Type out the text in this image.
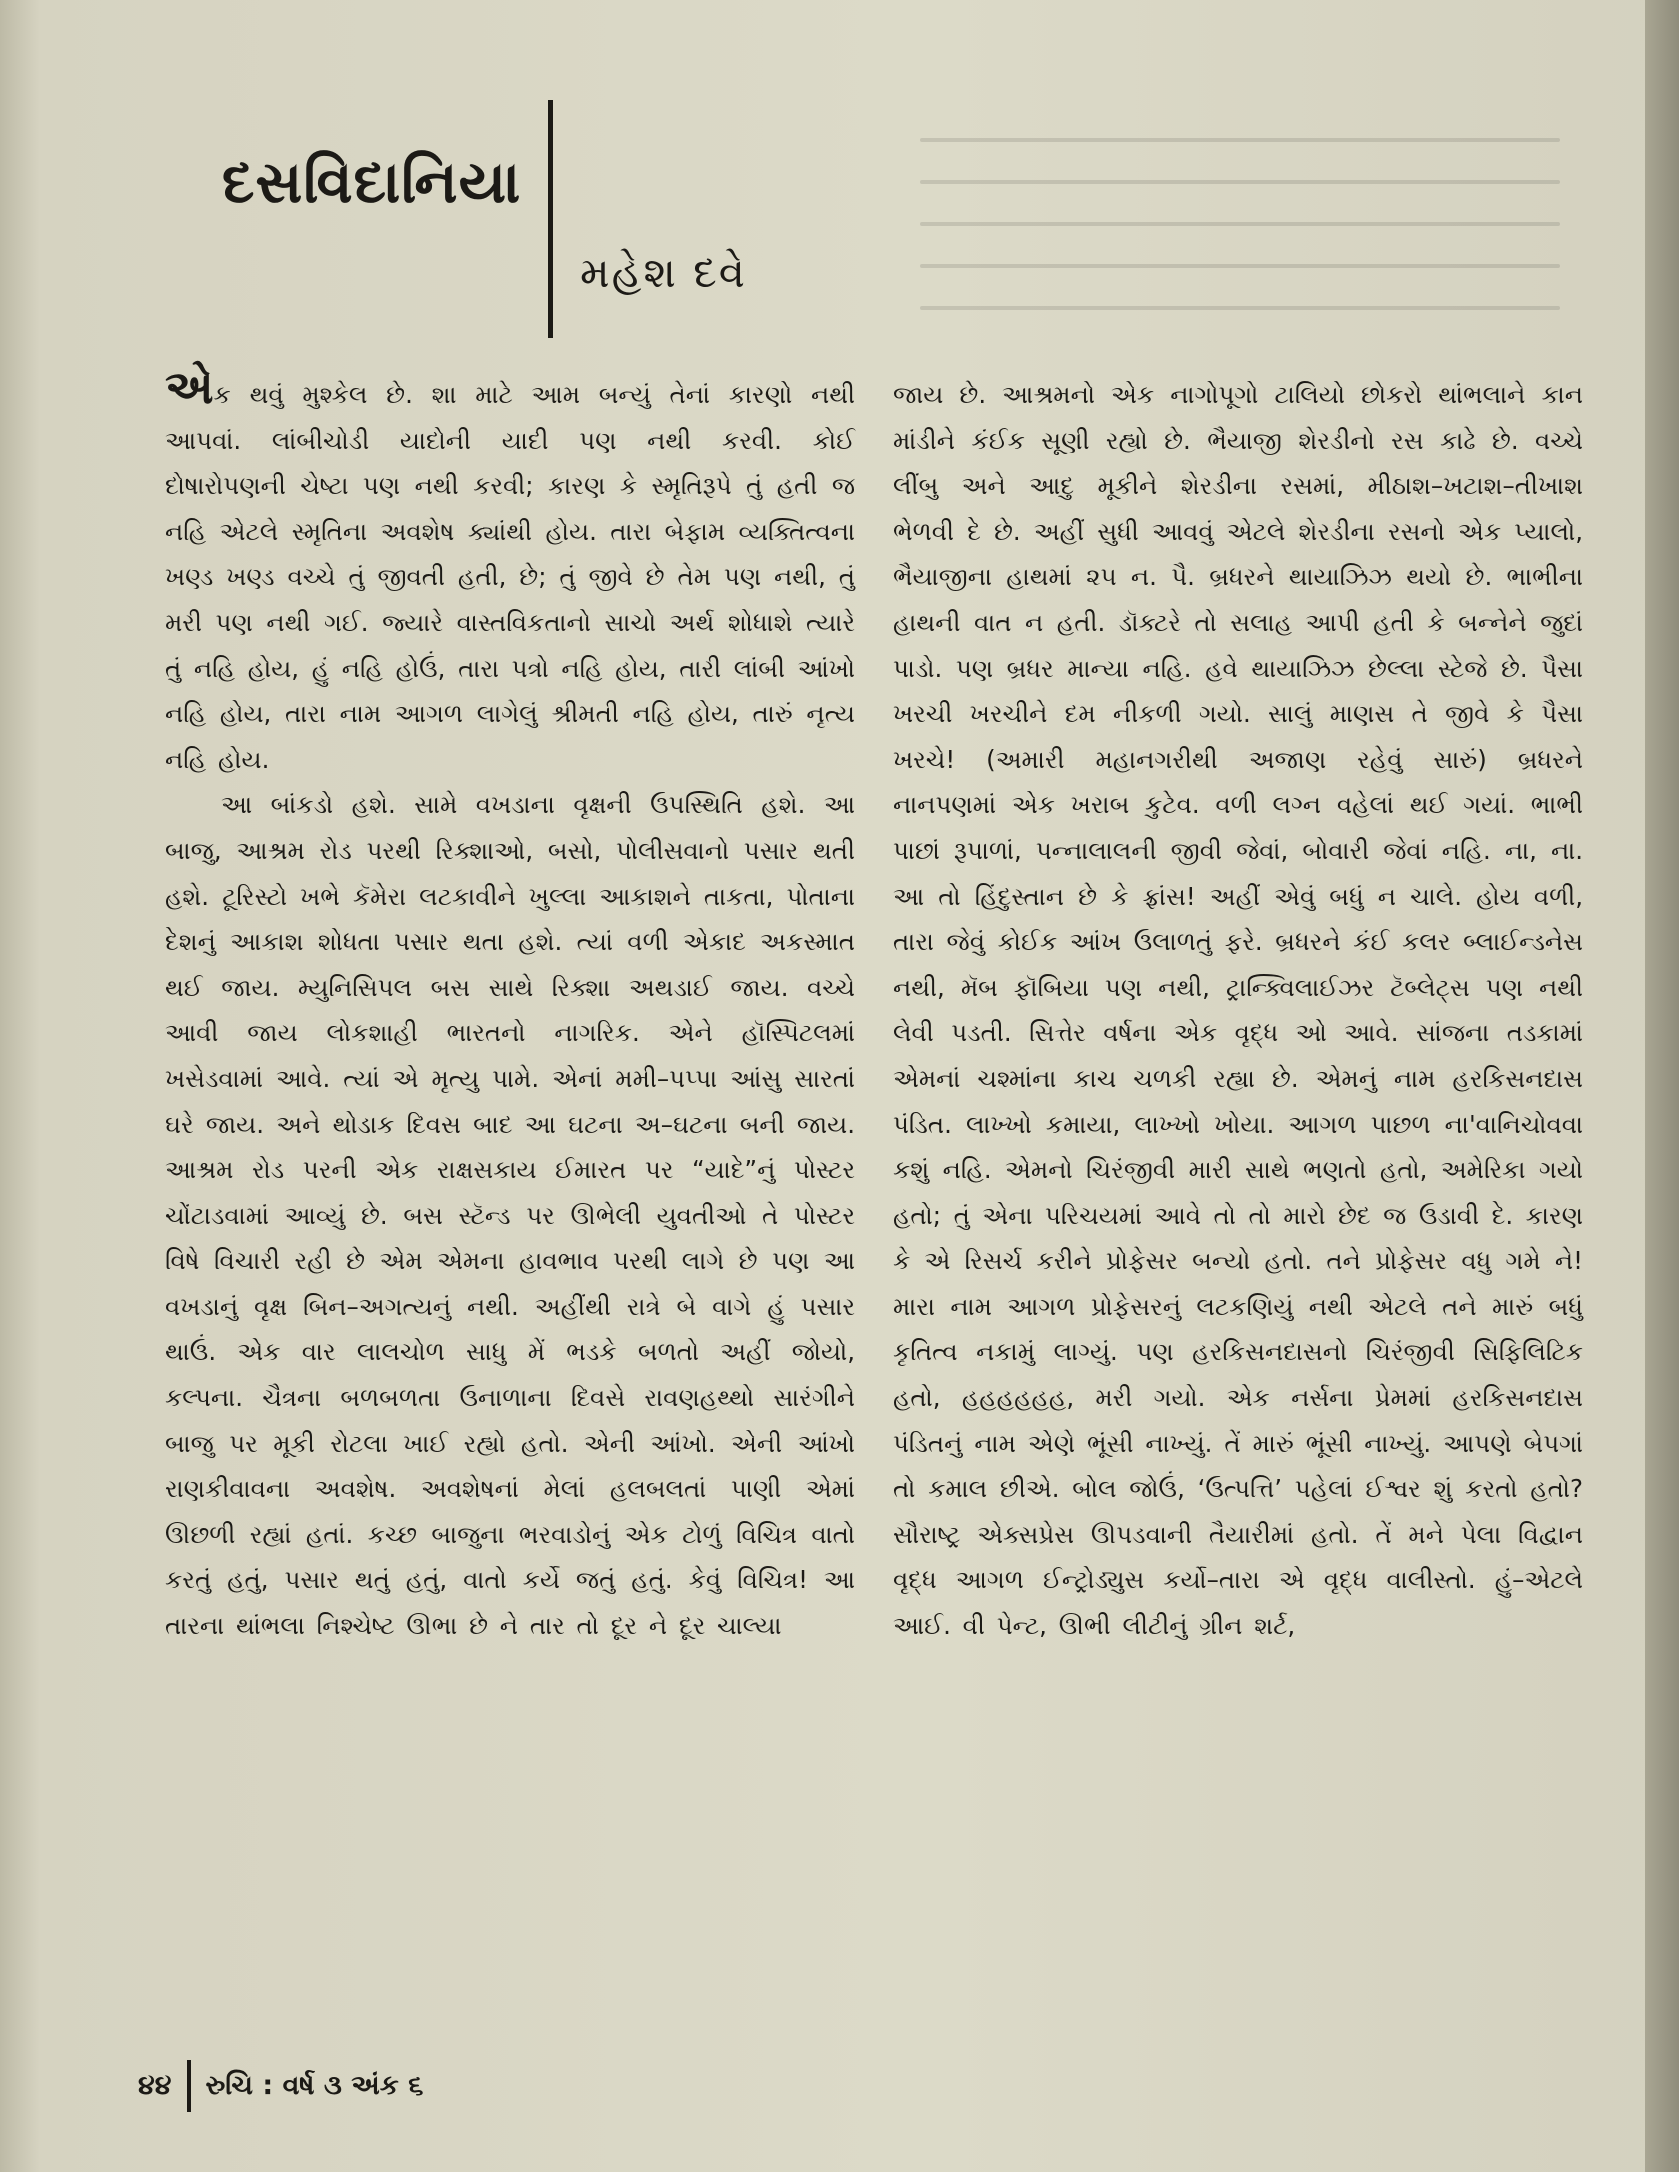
દસવિદાનિયા
મહેશ દવે

એક થવું મુશ્કેલ છે. શા માટે આમ બન્યું તેનાં કારણો નથી આપવાં. લાંબીચોડી યાદોની યાદી પણ નથી કરવી. કોઈ દોષારોપણની ચેષ્ટા પણ નથી કરવી; કારણ કે સ્મૃતિરૂપે તું હતી જ નહિ એટલે સ્મૃતિના અવશેષ ક્યાંથી હોય. તારા બેફામ વ્યક્તિત્વના ખણ્ડ ખણ્ડ વચ્ચે તું જીવતી હતી, છે; તું જીવે છે તેમ પણ નથી, તું મરી પણ નથી ગઈ. જ્યારે વાસ્તવિકતાનો સાચો અર્થ શોધાશે ત્યારે તું નહિ હોય, હું નહિ હોઉં, તારા પત્રો નહિ હોય, તારી લાંબી આંખો નહિ હોય, તારા નામ આગળ લાગેલું શ્રીમતી નહિ હોય, તારું નૃત્ય નહિ હોય.

આ બાંકડો હશે. સામે વખડાના વૃક્ષની ઉપસ્થિતિ હશે. આ બાજુ, આશ્રમ રોડ પરથી રિક્શાઓ, બસો, પોલીસવાનો પસાર થતી હશે. ટૂરિસ્ટો ખભે કૅમેરા લટકાવીને ખુલ્લા આકાશને તાકતા, પોતાના દેશનું આકાશ શોધતા પસાર થતા હશે. ત્યાં વળી એકાદ અકસ્માત થઈ જાય. મ્યુનિસિપલ બસ સાથે રિક્શા અથડાઈ જાય. વચ્ચે આવી જાય લોકશાહી ભારતનો નાગરિક. એને હૉસ્પિટલમાં ખસેડવામાં આવે. ત્યાં એ મૃત્યુ પામે. એનાં મમી–પપ્પા આંસુ સારતાં ઘરે જાય. અને થોડાક દિવસ બાદ આ ઘટના અ–ઘટના બની જાય. આશ્રમ રોડ પરની એક રાક્ષસકાય ઈમારત પર “યાદે”નું પોસ્ટર ચોંટાડવામાં આવ્યું છે. બસ સ્ટૅન્ડ પર ઊભેલી યુવતીઓ તે પોસ્ટર વિષે વિચારી રહી છે એમ એમના હાવભાવ પરથી લાગે છે પણ આ વખડાનું વૃક્ષ બિન–અગત્યનું નથી. અહીંથી રાત્રે બે વાગે હું પસાર થાઉં. એક વાર લાલચોળ સાધુ મેં ભડકે બળતો અહીં જોયો, કલ્પના. ચૈત્રના બળબળતા ઉનાળાના દિવસે રાવણહથ્થો સારંગીને બાજુ પર મૂકી રોટલા ખાઈ રહ્યો હતો. એની આંખો. એની આંખો રાણકીવાવના અવશેષ. અવશેષનાં મેલાં હલબલતાં પાણી એમાં ઊછળી રહ્યાં હતાં. કચ્છ બાજુના ભરવાડોનું એક ટોળું વિચિત્ર વાતો કરતું હતું, પસાર થતું હતું, વાતો કર્યે જતું હતું. કેવું વિચિત્ર! આ તારના થાંભલા નિશ્ચેષ્ટ ઊભા છે ને તાર તો દૂર ને દૂર ચાલ્યા

જાય છે. આશ્રમનો એક નાગોપૂગો ટાલિયો છોકરો થાંભલાને કાન માંડીને કંઈક સૂણી રહ્યો છે. ભૈયાજી શેરડીનો રસ કાઢે છે. વચ્ચે લીંબુ અને આદુ મૂકીને શેરડીના રસમાં, મીઠાશ–ખટાશ–તીખાશ ભેળવી દે છે. અહીં સુધી આવવું એટલે શેરડીના રસનો એક પ્યાલો, ભૈયાજીના હાથમાં ૨૫ ન. પૈ. બ્રધરને થાયાઝિઝ થયો છે. ભાભીના હાથની વાત ન હતી. ડૉક્ટરે તો સલાહ આપી હતી કે બન્નેને જુદાં પાડો. પણ બ્રધર માન્યા નહિ. હવે થાયાઝિઝ છેલ્લા સ્ટેજે છે. પૈસા ખરચી ખરચીને દમ નીકળી ગયો. સાલું માણસ તે જીવે કે પૈસા ખરચે! (અમારી મહાનગરીથી અજાણ રહેવું સારું) બ્રધરને નાનપણમાં એક ખરાબ કુટેવ. વળી લગ્ન વહેલાં થઈ ગયાં. ભાભી પાછાં રૂપાળાં, પન્નાલાલની જીવી જેવાં, બોવારી જેવાં નહિ. ના, ના. આ તો હિંદુસ્તાન છે કે ફ્રાંસ! અહીં એવું બધું ન ચાલે. હોય વળી, તારા જેવું કોઈક આંખ ઉલાળતું ફરે. બ્રધરને કંઈ કલર બ્લાઈન્ડનેસ નથી, મૅબ ફૉબિયા પણ નથી, ટ્રાન્ક્વિલાઈઝર ટૅબ્લેટ્સ પણ નથી લેવી પડતી. સિત્તેર વર્ષના એક વૃદ્ધ ઓ આવે. સાંજના તડકામાં એમનાં ચશ્માંના કાચ ચળકી રહ્યા છે. એમનું નામ હરકિસનદાસ પંડિત. લાખ્ખો કમાયા, લાખ્ખો ખોયા. આગળ પાછળ ના'વાનિચોવવા કશું નહિ. એમનો ચિરંજીવી મારી સાથે ભણતો હતો, અમેરિકા ગયો હતો; તું એના પરિચયમાં આવે તો તો મારો છેદ જ ઉડાવી દે. કારણ કે એ રિસર્ચ કરીને પ્રોફેસર બન્યો હતો. તને પ્રોફેસર વધુ ગમે ને! મારા નામ આગળ પ્રોફેસરનું લટકણિયું નથી એટલે તને મારું બધું કૃતિત્વ નકામું લાગ્યું. પણ હરકિસનદાસનો ચિરંજીવી સિફિલિટિક હતો, હહહહહહ, મરી ગયો. એક નર્સના પ્રેમમાં હરકિસનદાસ પંડિતનું નામ એણે ભૂંસી નાખ્યું. તેં મારું ભૂંસી નાખ્યું. આપણે બેપગાં તો કમાલ છીએ. બોલ જોઉં, ‘ઉત્પત્તિ’ પહેલાં ઈશ્વર શું કરતો હતો? સૌરાષ્ટ્ર એક્સપ્રેસ ઊપડવાની તૈયારીમાં હતો. તેં મને પેલા વિદ્વાન વૃદ્ધ આગળ ઈન્ટ્રોડ્યુસ કર્યો–તારા એ વૃદ્ધ વાલીસ્તો. હું–એટલે આઈ. વી પેન્ટ, ઊભી લીટીનું ગ્રીન શર્ટ,

૪૪ રુચિ : વર્ષ ૩ અંક ૬
